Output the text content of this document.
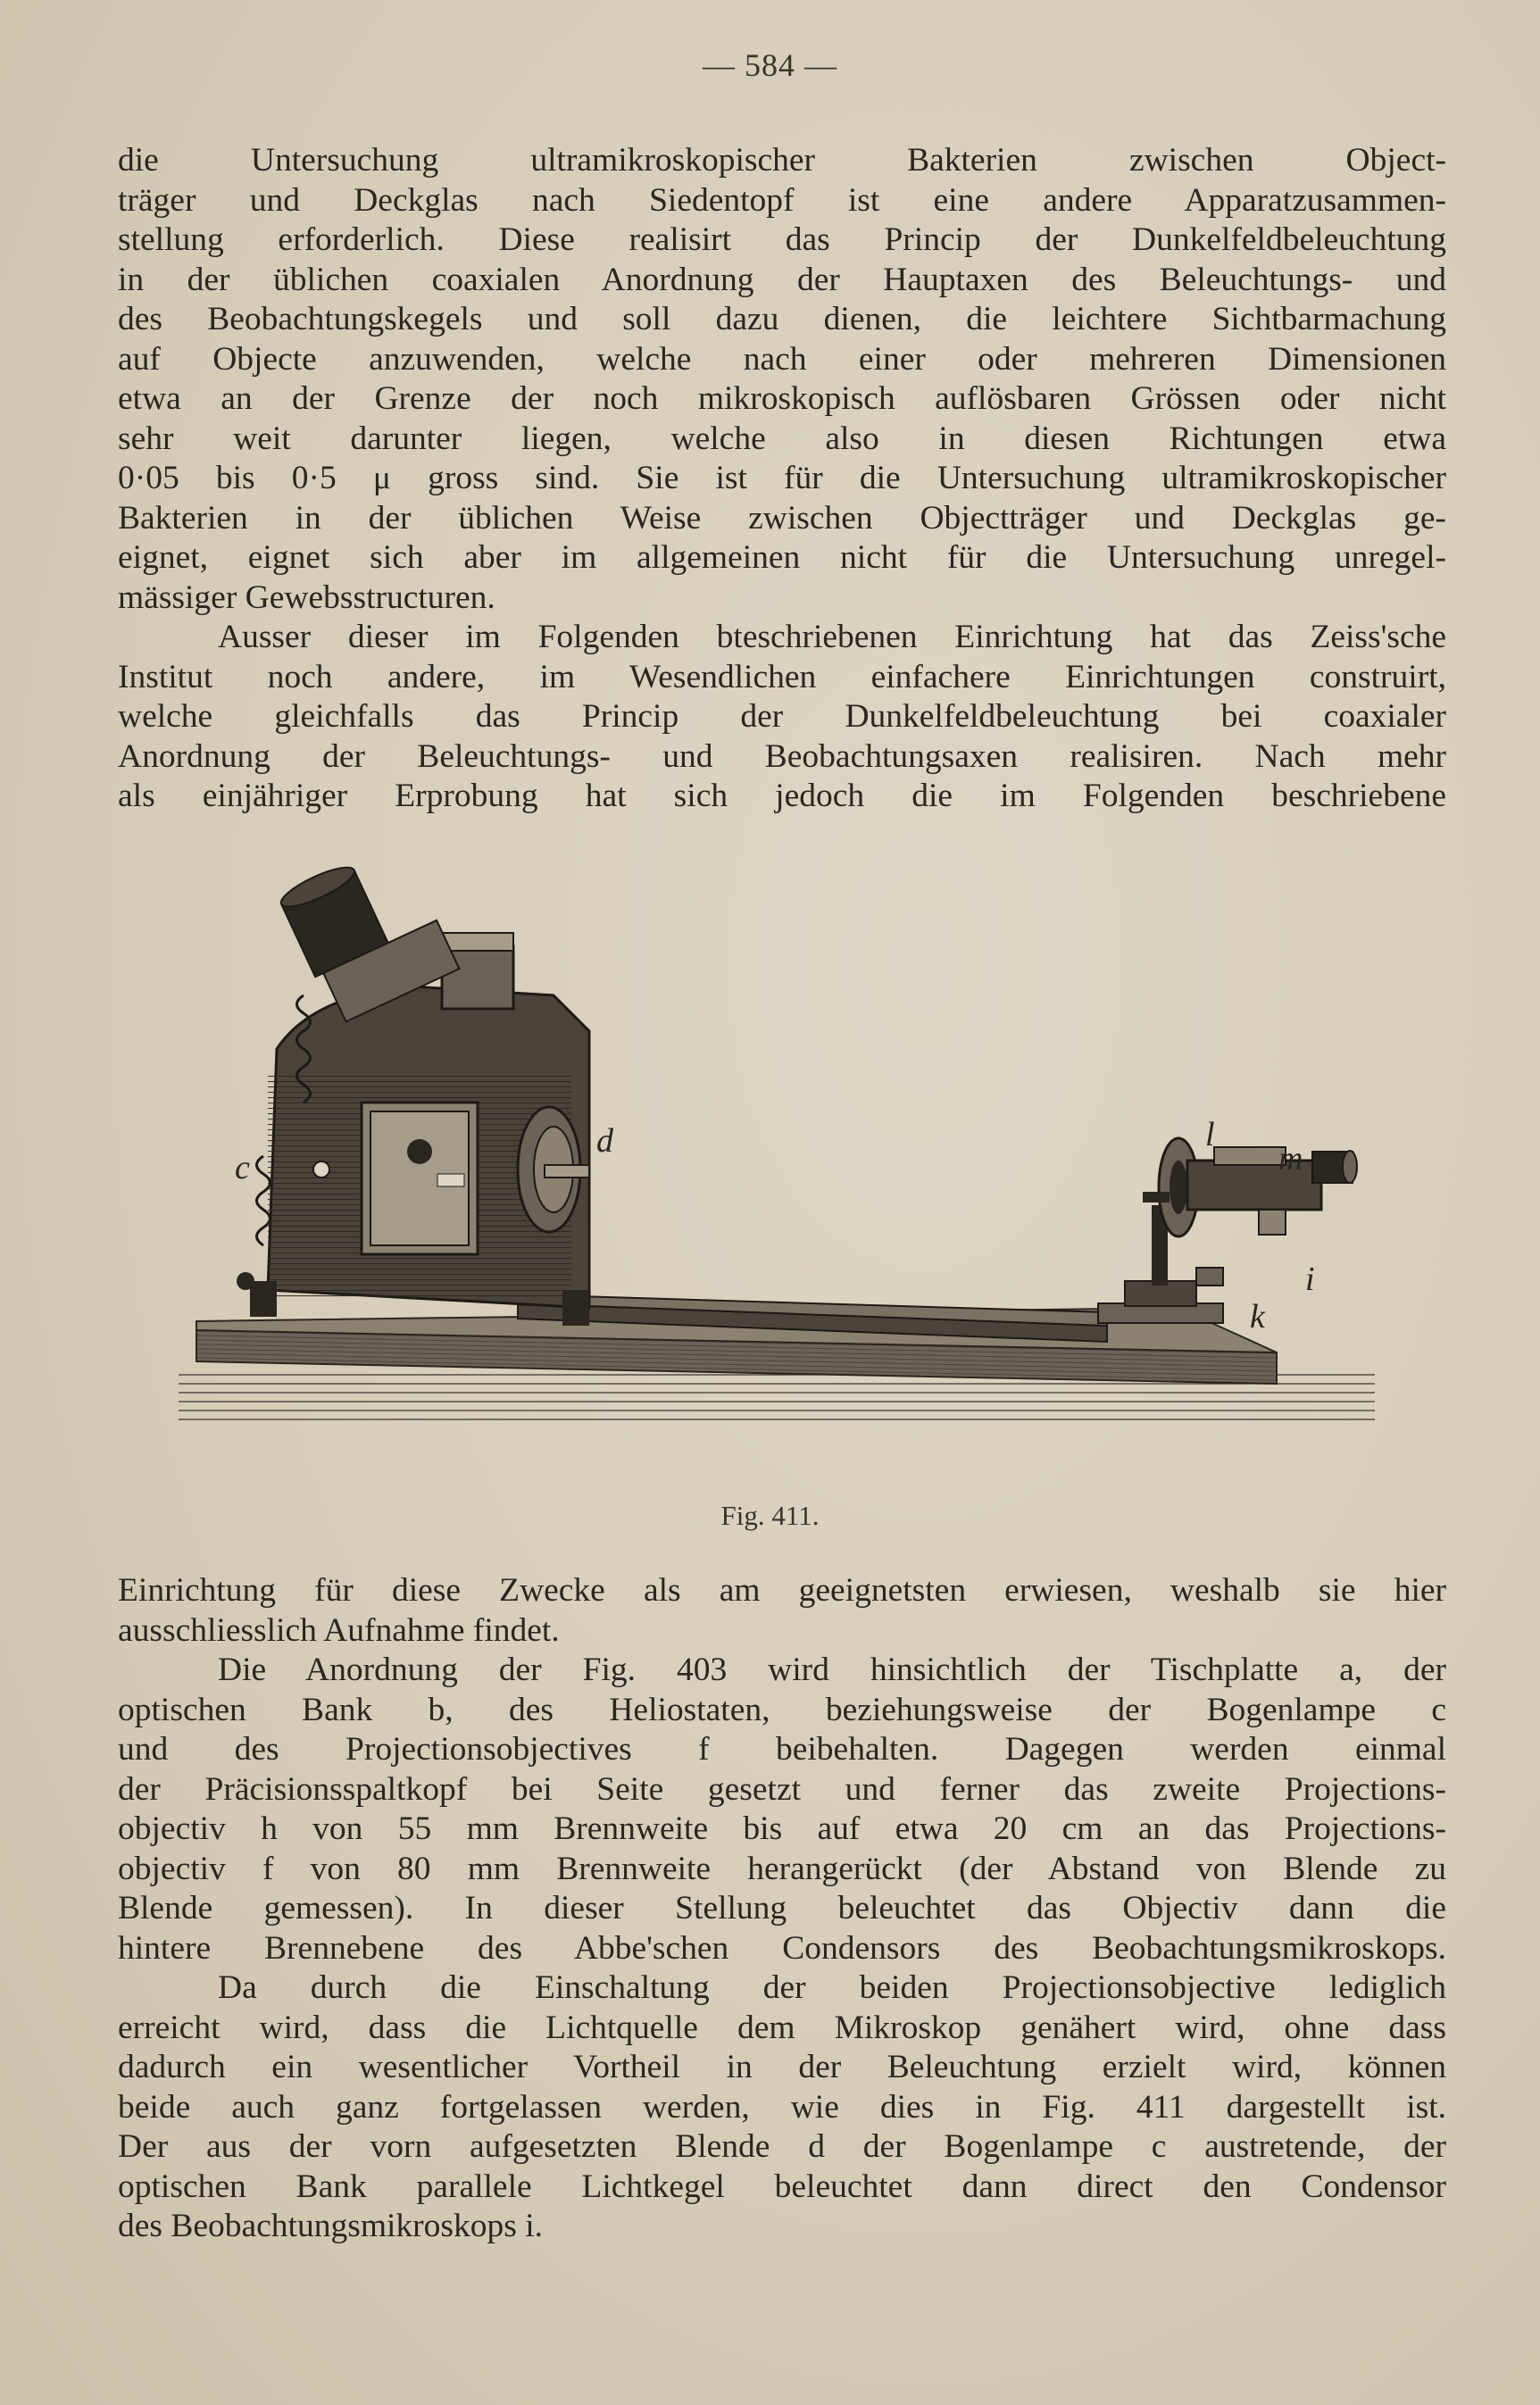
— 584 —
die Untersuchung ultramikroskopischer Bakterien zwischen Object-
träger und Deckglas nach Siedentopf ist eine andere Apparatzusammen-
stellung erforderlich. Diese realisirt das Princip der Dunkelfeldbeleuchtung
in der üblichen coaxialen Anordnung der Hauptaxen des Beleuchtungs- und
des Beobachtungskegels und soll dazu dienen, die leichtere Sichtbarmachung
auf Objecte anzuwenden, welche nach einer oder mehreren Dimensionen
etwa an der Grenze der noch mikroskopisch auflösbaren Grössen oder nicht
sehr weit darunter liegen, welche also in diesen Richtungen etwa
0·05 bis 0·5 μ gross sind. Sie ist für die Untersuchung ultramikroskopischer
Bakterien in der üblichen Weise zwischen Objectträger und Deckglas ge-
eignet, eignet sich aber im allgemeinen nicht für die Untersuchung unregel-
mässiger Gewebsstructuren.
Ausser dieser im Folgenden bteschriebenen Einrichtung hat das Zeiss'sche
Institut noch andere, im Wesendlichen einfachere Einrichtungen construirt,
welche gleichfalls das Princip der Dunkelfeldbeleuchtung bei coaxialer
Anordnung der Beleuchtungs- und Beobachtungsaxen realisiren. Nach mehr
als einjähriger Erprobung hat sich jedoch die im Folgenden beschriebene
c
d	l
m
i
k
Fig. 411.
Einrichtung für diese Zwecke als am geeignetsten erwiesen, weshalb sie hier
ausschliesslich Aufnahme findet.
Die Anordnung der Fig. 403 wird hinsichtlich der Tischplatte a, der
optischen Bank b, des Heliostaten, beziehungsweise der Bogenlampe c
und des Projectionsobjectives f beibehalten. Dagegen werden einmal
der Präcisionsspaltkopf bei Seite gesetzt und ferner das zweite Projections-
objectiv h von 55 mm Brennweite bis auf etwa 20 cm an das Projections-
objectiv f von 80 mm Brennweite herangerückt (der Abstand von Blende zu
Blende gemessen). In dieser Stellung beleuchtet das Objectiv dann die
hintere Brennebene des Abbe'schen Condensors des Beobachtungsmikroskops.
Da durch die Einschaltung der beiden Projectionsobjective lediglich
erreicht wird, dass die Lichtquelle dem Mikroskop genähert wird, ohne dass
dadurch ein wesentlicher Vortheil in der Beleuchtung erzielt wird, können
beide auch ganz fortgelassen werden, wie dies in Fig. 411 dargestellt ist.
Der aus der vorn aufgesetzten Blende d der Bogenlampe c austretende, der
optischen Bank parallele Lichtkegel beleuchtet dann direct den Condensor
des Beobachtungsmikroskops i.
